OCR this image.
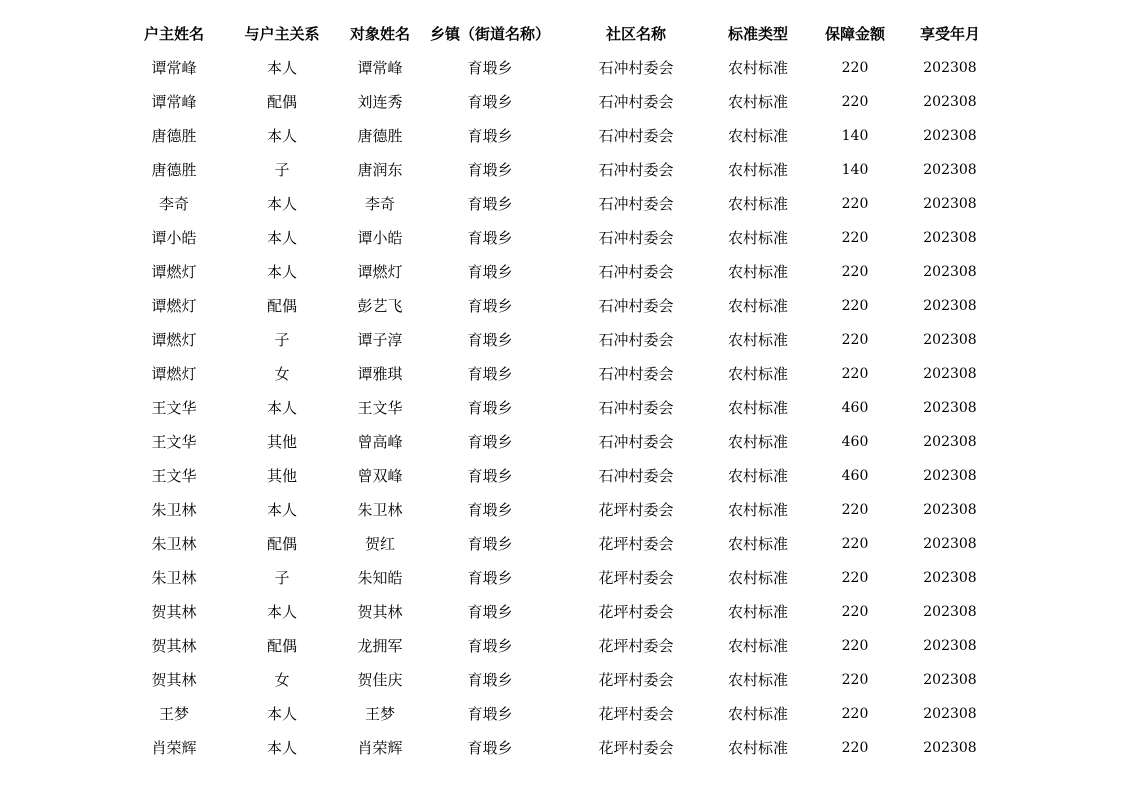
户主姓名	与户主关系	对象姓名	乡镇（街道名称）	社区名称	标准类型	保障金额	享受年月
谭常峰	本人	谭常峰	育塅乡	石冲村委会	农村标准	220	202308
谭常峰	配偶	刘连秀	育塅乡	石冲村委会	农村标准	220	202308
唐德胜	本人	唐德胜	育塅乡	石冲村委会	农村标准	140	202308
唐德胜	子	唐润东	育塅乡	石冲村委会	农村标准	140	202308
李奇	本人	李奇	育塅乡	石冲村委会	农村标准	220	202308
谭小皓	本人	谭小皓	育塅乡	石冲村委会	农村标准	220	202308
谭燃灯	本人	谭燃灯	育塅乡	石冲村委会	农村标准	220	202308
谭燃灯	配偶	彭艺飞	育塅乡	石冲村委会	农村标准	220	202308
谭燃灯	子	谭子淳	育塅乡	石冲村委会	农村标准	220	202308
谭燃灯	女	谭雅琪	育塅乡	石冲村委会	农村标准	220	202308
王文华	本人	王文华	育塅乡	石冲村委会	农村标准	460	202308
王文华	其他	曾高峰	育塅乡	石冲村委会	农村标准	460	202308
王文华	其他	曾双峰	育塅乡	石冲村委会	农村标准	460	202308
朱卫林	本人	朱卫林	育塅乡	花坪村委会	农村标准	220	202308
朱卫林	配偶	贺红	育塅乡	花坪村委会	农村标准	220	202308
朱卫林	子	朱知皓	育塅乡	花坪村委会	农村标准	220	202308
贺其林	本人	贺其林	育塅乡	花坪村委会	农村标准	220	202308
贺其林	配偶	龙拥军	育塅乡	花坪村委会	农村标准	220	202308
贺其林	女	贺佳庆	育塅乡	花坪村委会	农村标准	220	202308
王梦	本人	王梦	育塅乡	花坪村委会	农村标准	220	202308
肖荣辉	本人	肖荣辉	育塅乡	花坪村委会	农村标准	220	202308
